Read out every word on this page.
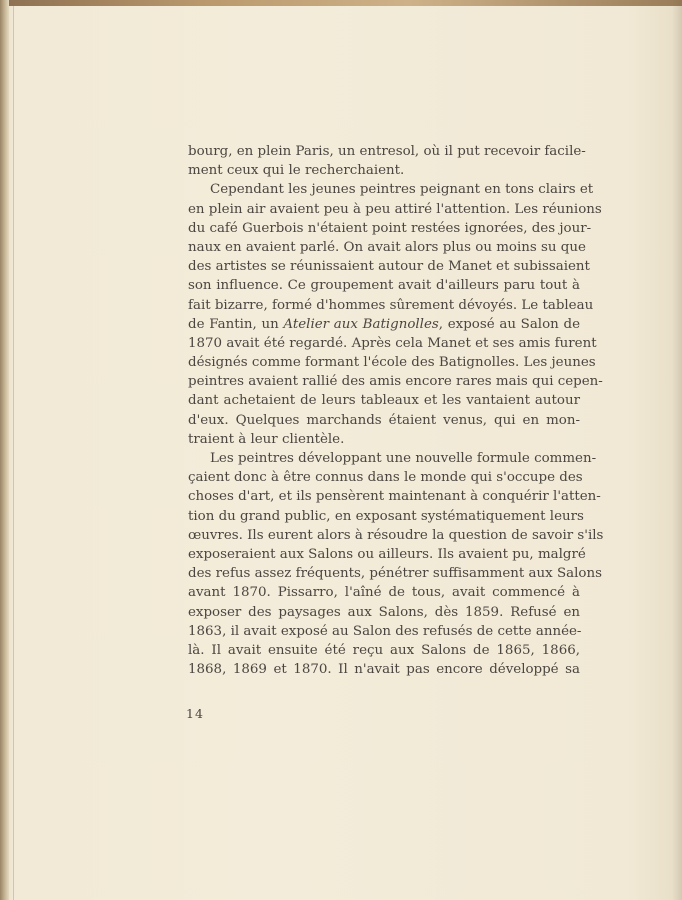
bourg, en plein Paris, un entresol, où il put recevoir facile-
ment ceux qui le recherchaient.
Cependant les jeunes peintres peignant en tons clairs et
en plein air avaient peu à peu attiré l'attention. Les réunions
du café Guerbois n'étaient point restées ignorées, des jour-
naux en avaient parlé. On avait alors plus ou moins su que
des artistes se réunissaient autour de Manet et subissaient
son influence. Ce groupement avait d'ailleurs paru tout à
fait bizarre, formé d'hommes sûrement dévoyés. Le tableau
de Fantin, un Atelier aux Batignolles, exposé au Salon de
1870 avait été regardé. Après cela Manet et ses amis furent
désignés comme formant l'école des Batignolles. Les jeunes
peintres avaient rallié des amis encore rares mais qui cepen-
dant achetaient de leurs tableaux et les vantaient autour
d'eux. Quelques marchands étaient venus, qui en mon-
traient à leur clientèle.
Les peintres développant une nouvelle formule commen-
çaient donc à être connus dans le monde qui s'occupe des
choses d'art, et ils pensèrent maintenant à conquérir l'atten-
tion du grand public, en exposant systématiquement leurs
œuvres. Ils eurent alors à résoudre la question de savoir s'ils
exposeraient aux Salons ou ailleurs. Ils avaient pu, malgré
des refus assez fréquents, pénétrer suffisamment aux Salons
avant 1870. Pissarro, l'aîné de tous, avait commencé à
exposer des paysages aux Salons, dès 1859. Refusé en
1863, il avait exposé au Salon des refusés de cette année-
là. Il avait ensuite été reçu aux Salons de 1865, 1866,
1868, 1869 et 1870. Il n'avait pas encore développé sa
14
